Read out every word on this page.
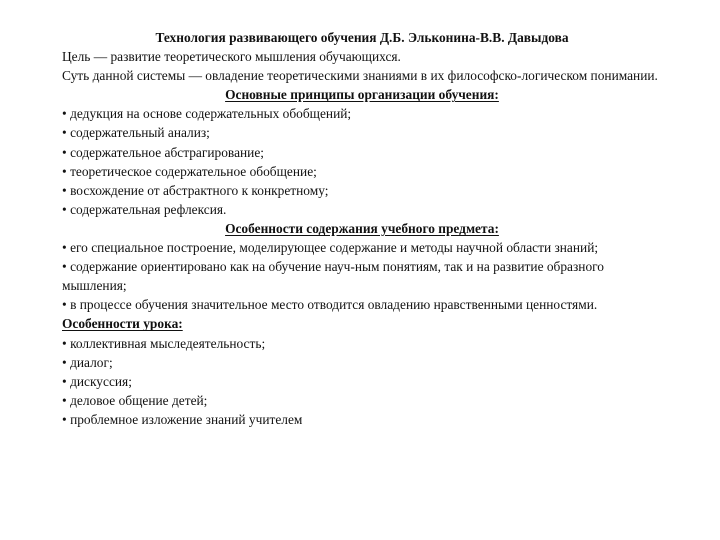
Технология развивающего обучения Д.Б. Эльконина-В.В. Давыдова
Цель — развитие теоретического мышления обучающихся.
Суть данной системы — овладение теоретическими знаниями в их философско-логическом понимании.
Основные принципы организации обучения:
• дедукция на основе содержательных обобщений;
• содержательный анализ;
• содержательное абстрагирование;
• теоретическое содержательное обобщение;
• восхождение от абстрактного к конкретному;
• содержательная рефлексия.
Особенности содержания учебного предмета:
• его специальное построение, моделирующее содержание и методы научной области знаний;
• содержание ориентировано как на обучение науч-ным понятиям, так и на развитие образного мышления;
• в процессе обучения значительное место отводится овладению нравственными ценностями.
Особенности урока:
• коллективная мыследеятельность;
• диалог;
• дискуссия;
• деловое общение детей;
• проблемное изложение знаний учителем
